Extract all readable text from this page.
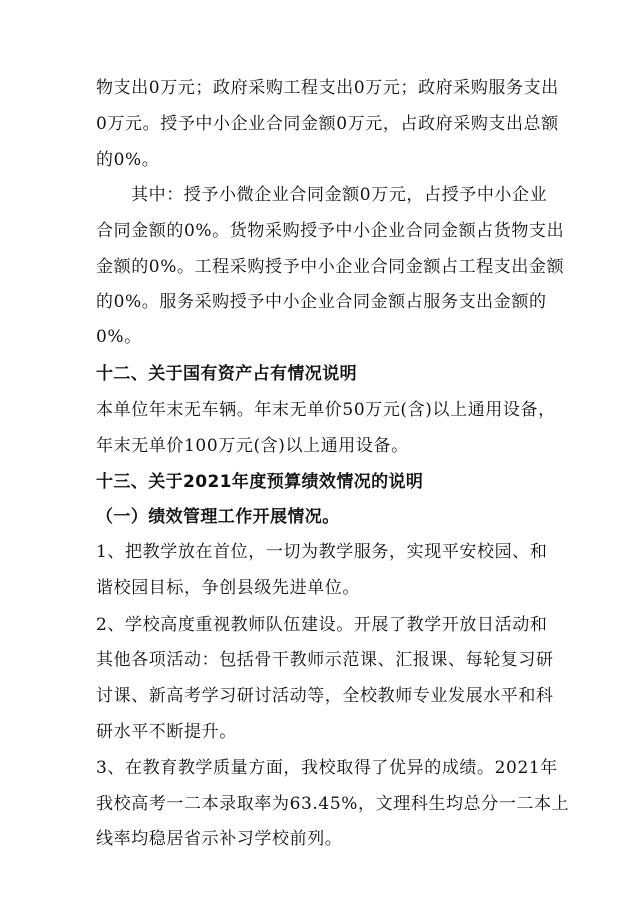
物支出0万元；政府采购工程支出0万元；政府采购服务支出
0万元。授予中小企业合同金额0万元，占政府采购支出总额
的0%。
其中：授予小微企业合同金额0万元，占授予中小企业
合同金额的0%。货物采购授予中小企业合同金额占货物支出
金额的0%。工程采购授予中小企业合同金额占工程支出金额
的0%。服务采购授予中小企业合同金额占服务支出金额的
0%。
十二、关于国有资产占有情况说明
本单位年末无车辆。年末无单价50万元(含)以上通用设备，
年末无单价100万元(含)以上通用设备。
十三、关于2021年度预算绩效情况的说明
（一）绩效管理工作开展情况。
1、把教学放在首位，一切为教学服务，实现平安校园、和
谐校园目标，争创县级先进单位。
2、学校高度重视教师队伍建设。开展了教学开放日活动和
其他各项活动：包括骨干教师示范课、汇报课、每轮复习研
讨课、新高考学习研讨活动等，全校教师专业发展水平和科
研水平不断提升。
3、在教育教学质量方面，我校取得了优异的成绩。2021年
我校高考一二本录取率为63.45%，文理科生均总分一二本上
线率均稳居省示补习学校前列。
